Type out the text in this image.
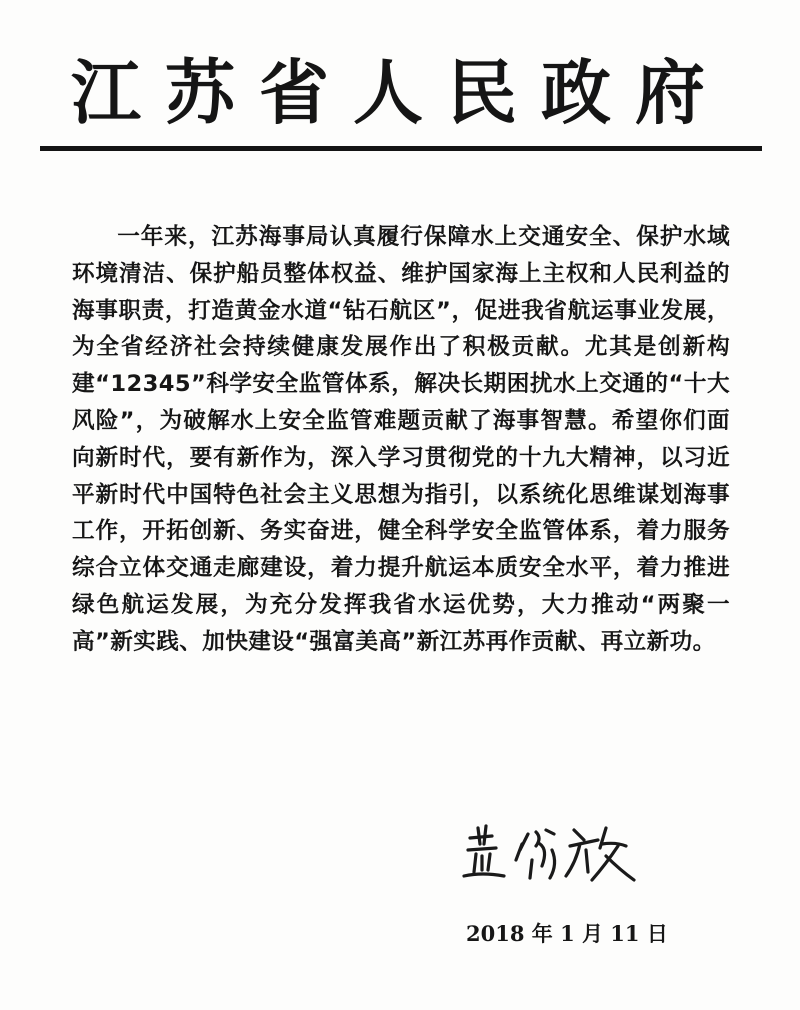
江苏省人民政府

一年来，江苏海事局认真履行保障水上交通安全、保护水域环境清洁、保护船员整体权益、维护国家海上主权和人民利益的海事职责，打造黄金水道“钻石航区”，促进我省航运事业发展，为全省经济社会持续健康发展作出了积极贡献。尤其是创新构建“12345”科学安全监管体系，解决长期困扰水上交通的“十大风险”，为破解水上安全监管难题贡献了海事智慧。希望你们面向新时代，要有新作为，深入学习贯彻党的十九大精神，以习近平新时代中国特色社会主义思想为指引，以系统化思维谋划海事工作，开拓创新、务实奋进，健全科学安全监管体系，着力服务综合立体交通走廊建设，着力提升航运本质安全水平，着力推进绿色航运发展，为充分发挥我省水运优势，大力推动“两聚一高”新实践、加快建设“强富美高”新江苏再作贡献、再立新功。

2018 年 1 月 11 日
